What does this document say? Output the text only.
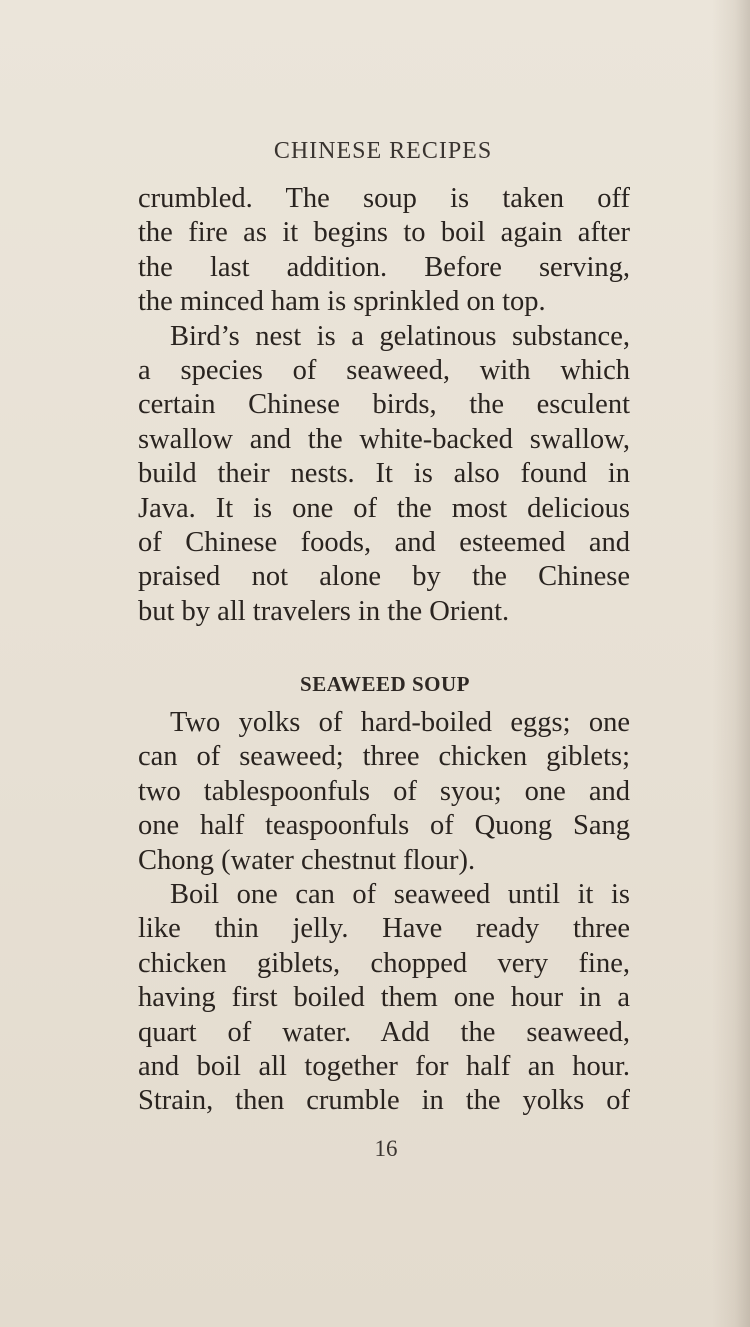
CHINESE RECIPES
crumbled. The soup is taken off
the fire as it begins to boil again after
the last addition. Before serving,
the minced ham is sprinkled on top.
Bird’s nest is a gelatinous substance,
a species of seaweed, with which
certain Chinese birds, the esculent
swallow and the white-backed swallow,
build their nests. It is also found in
Java. It is one of the most delicious
of Chinese foods, and esteemed and
praised not alone by the Chinese
but by all travelers in the Orient.
SEAWEED SOUP
Two yolks of hard-boiled eggs; one
can of seaweed; three chicken giblets;
two tablespoonfuls of syou; one and
one half teaspoonfuls of Quong Sang
Chong (water chestnut flour).
Boil one can of seaweed until it is
like thin jelly. Have ready three
chicken giblets, chopped very fine,
having first boiled them one hour in a
quart of water. Add the seaweed,
and boil all together for half an hour.
Strain, then crumble in the yolks of
16
